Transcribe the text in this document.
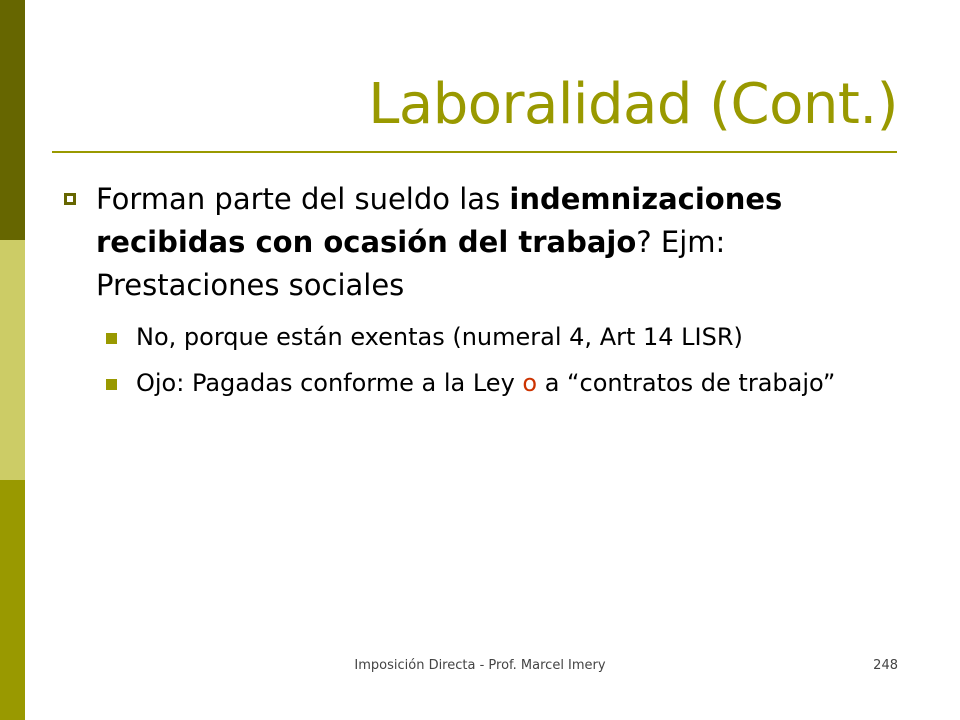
Laboralidad (Cont.)
Forman parte del sueldo las indemnizaciones recibidas con ocasión del trabajo? Ejm: Prestaciones sociales
No, porque están exentas (numeral 4, Art 14 LISR)
Ojo: Pagadas conforme a la Ley o a “contratos de trabajo”
Imposición Directa - Prof. Marcel Imery	248
